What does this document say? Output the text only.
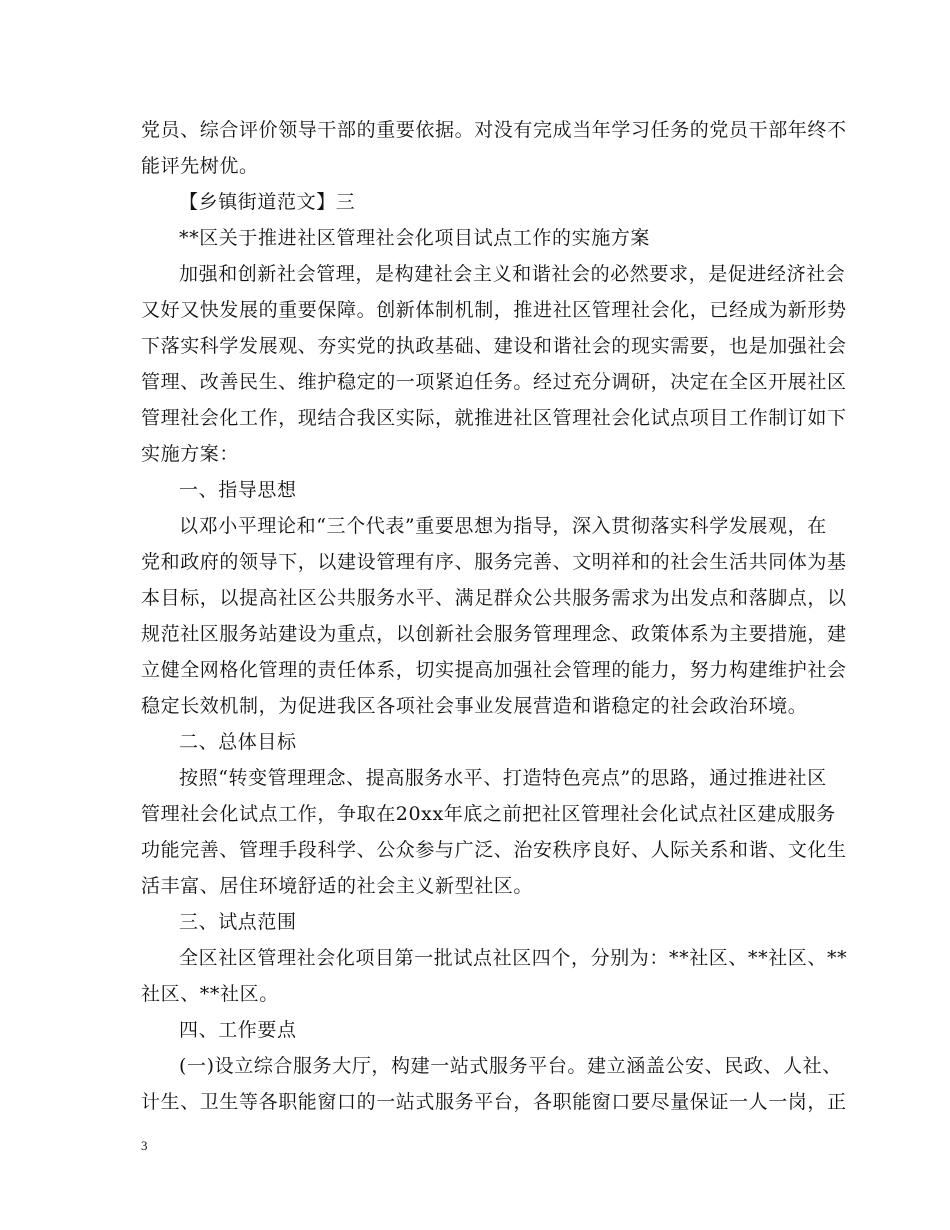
党员、综合评价领导干部的重要依据。对没有完成当年学习任务的党员干部年终不
能评先树优。
【乡镇街道范文】三
**区关于推进社区管理社会化项目试点工作的实施方案
加强和创新社会管理，是构建社会主义和谐社会的必然要求，是促进经济社会
又好又快发展的重要保障。创新体制机制，推进社区管理社会化，已经成为新形势
下落实科学发展观、夯实党的执政基础、建设和谐社会的现实需要，也是加强社会
管理、改善民生、维护稳定的一项紧迫任务。经过充分调研，决定在全区开展社区
管理社会化工作，现结合我区实际，就推进社区管理社会化试点项目工作制订如下
实施方案：
一、指导思想
以邓小平理论和“三个代表”重要思想为指导，深入贯彻落实科学发展观，在
党和政府的领导下，以建设管理有序、服务完善、文明祥和的社会生活共同体为基
本目标，以提高社区公共服务水平、满足群众公共服务需求为出发点和落脚点，以
规范社区服务站建设为重点，以创新社会服务管理理念、政策体系为主要措施，建
立健全网格化管理的责任体系，切实提高加强社会管理的能力，努力构建维护社会
稳定长效机制，为促进我区各项社会事业发展营造和谐稳定的社会政治环境。
二、总体目标
按照“转变管理理念、提高服务水平、打造特色亮点”的思路，通过推进社区
管理社会化试点工作，争取在20xx年底之前把社区管理社会化试点社区建成服务
功能完善、管理手段科学、公众参与广泛、治安秩序良好、人际关系和谐、文化生
活丰富、居住环境舒适的社会主义新型社区。
三、试点范围
全区社区管理社会化项目第一批试点社区四个，分别为：**社区、**社区、**
社区、**社区。
四、工作要点
(一)设立综合服务大厅，构建一站式服务平台。建立涵盖公安、民政、人社、
计生、卫生等各职能窗口的一站式服务平台，各职能窗口要尽量保证一人一岗，正
3
